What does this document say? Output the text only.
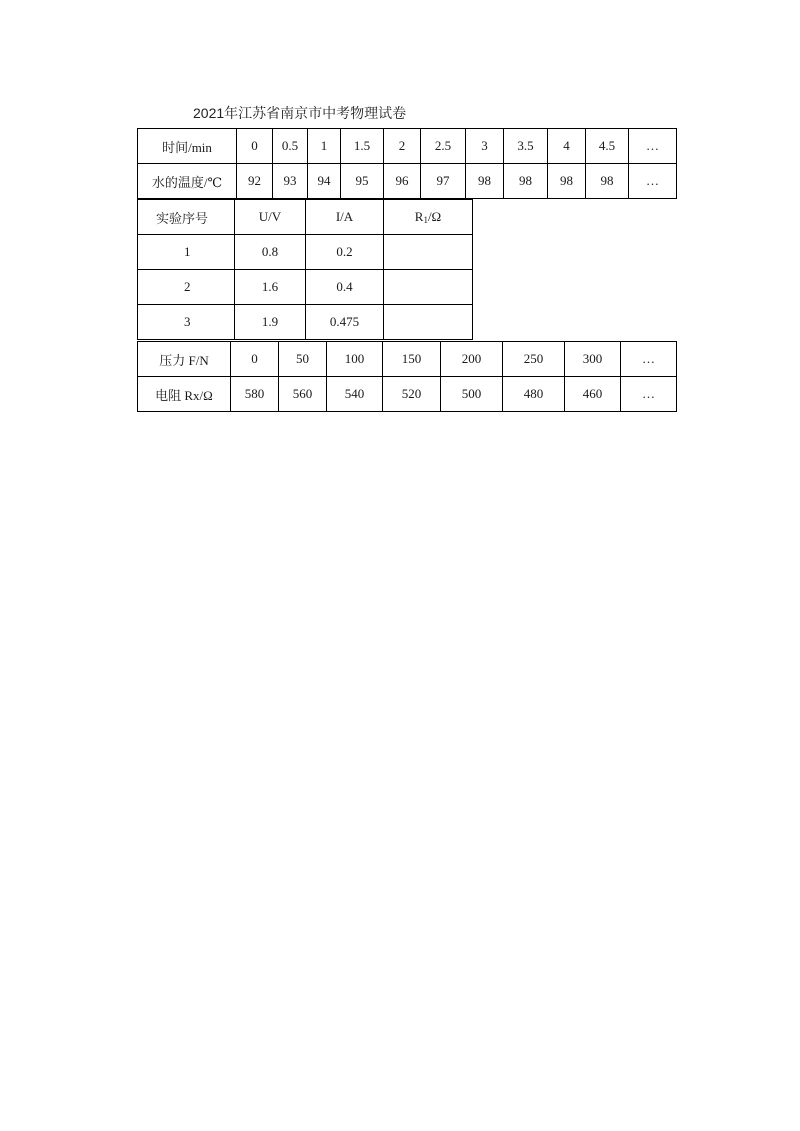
2021年江苏省南京市中考物理试卷
时间/min	0	0.5	1	1.5	2	2.5	3	3.5	4	4.5	…
水的温度/℃	92	93	94	95	96	97	98	98	98	98	…
实验序号	U/V	I/A	$R_1/\Omega$
1	0.8	0.2	
2	1.6	0.4	
3	1.9	0.475	
压力 F/N	0	50	100	150	200	250	300	…
电阻 Rx/Ω	580	560	540	520	500	480	460	…
